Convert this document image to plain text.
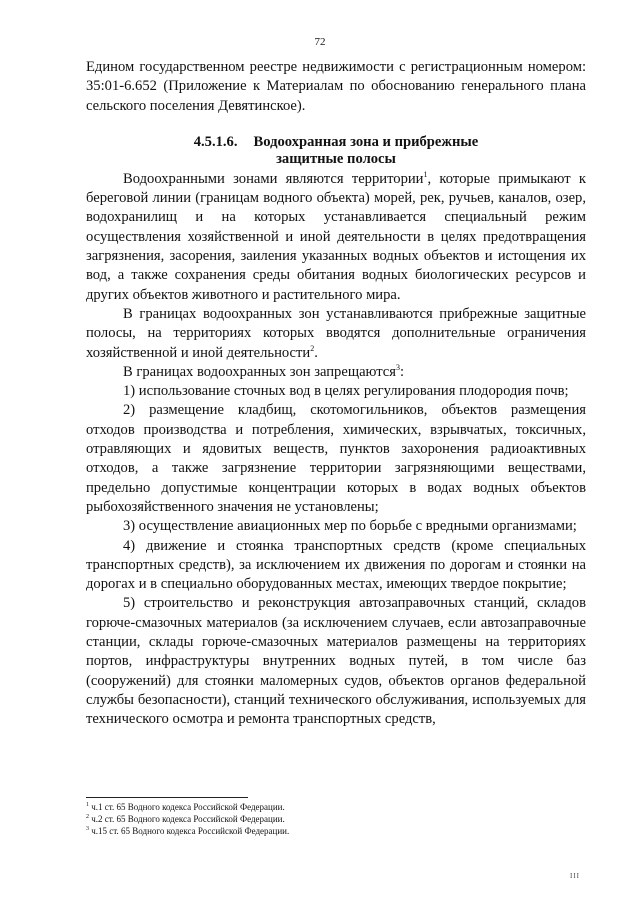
72

Едином государственном реестре недвижимости с регистрационным номером: 35:01-6.652 (Приложение к Материалам по обоснованию генерального плана сельского поселения Девятинское).

4.5.1.6. Водоохранная зона и прибрежные
защитные полосы

Водоохранными зонами являются территории$^1$, которые примыкают к береговой линии (границам водного объекта) морей, рек, ручьев, каналов, озер, водохранилищ и на которых устанавливается специальный режим осуществления хозяйственной и иной деятельности в целях предотвращения загрязнения, засорения, заиления указанных водных объектов и истощения их вод, а также сохранения среды обитания водных биологических ресурсов и других объектов животного и растительного мира.

В границах водоохранных зон устанавливаются прибрежные защитные полосы, на территориях которых вводятся дополнительные ограничения хозяйственной и иной деятельности$^2$.

В границах водоохранных зон запрещаются$^3$:

1) использование сточных вод в целях регулирования плодородия почв;

2) размещение кладбищ, скотомогильников, объектов размещения отходов производства и потребления, химических, взрывчатых, токсичных, отравляющих и ядовитых веществ, пунктов захоронения радиоактивных отходов, а также загрязнение территории загрязняющими веществами, предельно допустимые концентрации которых в водах водных объектов рыбохозяйственного значения не установлены;

3) осуществление авиационных мер по борьбе с вредными организмами;

4) движение и стоянка транспортных средств (кроме специальных транспортных средств), за исключением их движения по дорогам и стоянки на дорогах и в специально оборудованных местах, имеющих твердое покрытие;

5) строительство и реконструкция автозаправочных станций, складов горюче-смазочных материалов (за исключением случаев, если автозаправочные станции, склады горюче-смазочных материалов размещены на территориях портов, инфраструктуры внутренних водных путей, в том числе баз (сооружений) для стоянки маломерных судов, объектов органов федеральной службы безопасности), станций технического обслуживания, используемых для технического осмотра и ремонта транспортных средств,

$^1$ ч.1 ст. 65 Водного кодекса Российской Федерации.
$^2$ ч.2 ст. 65 Водного кодекса Российской Федерации.
$^3$ ч.15 ст. 65 Водного кодекса Российской Федерации.
III
